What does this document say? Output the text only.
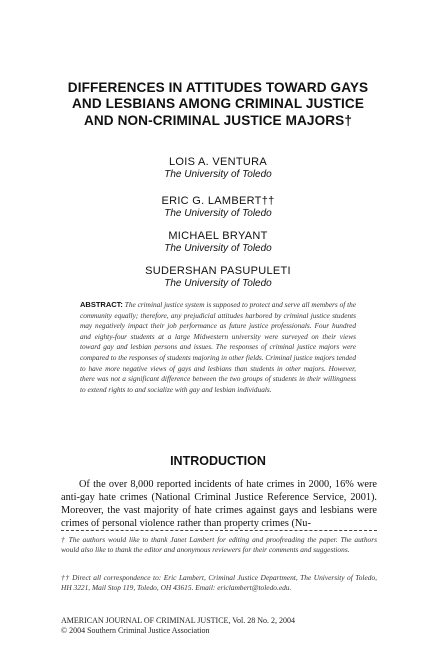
DIFFERENCES IN ATTITUDES TOWARD GAYS AND LESBIANS AMONG CRIMINAL JUSTICE AND NON-CRIMINAL JUSTICE MAJORS†
LOIS A. VENTURA
The University of Toledo
ERIC G. LAMBERT††
The University of Toledo
MICHAEL BRYANT
The University of Toledo
SUDERSHAN PASUPULETI
The University of Toledo
ABSTRACT: The criminal justice system is supposed to protect and serve all members of the community equally; therefore, any prejudicial attitudes harbored by criminal justice students may negatively impact their job performance as future justice professionals. Four hundred and eighty-four students at a large Midwestern university were surveyed on their views toward gay and lesbian persons and issues. The responses of criminal justice majors were compared to the responses of students majoring in other fields. Criminal justice majors tended to have more negative views of gays and lesbians than students in other majors. However, there was not a significant difference between the two groups of students in their willingness to extend rights to and socialize with gay and lesbian individuals.
INTRODUCTION

Of the over 8,000 reported incidents of hate crimes in 2000, 16% were anti-gay hate crimes (National Criminal Justice Reference Service, 2001). Moreover, the vast majority of hate crimes against gays and lesbians were crimes of personal violence rather than property crimes (Nu-

† The authors would like to thank Janet Lambert for editing and proofreading the paper. The authors would also like to thank the editor and anonymous reviewers for their comments and suggestions.
†† Direct all correspondence to: Eric Lambert, Criminal Justice Department, The University of Toledo, HH 3221, Mail Stop 119, Toledo, OH 43615. Email: ericlambert@toledo.edu.
AMERICAN JOURNAL OF CRIMINAL JUSTICE, Vol. 28 No. 2, 2004
© 2004 Southern Criminal Justice Association
